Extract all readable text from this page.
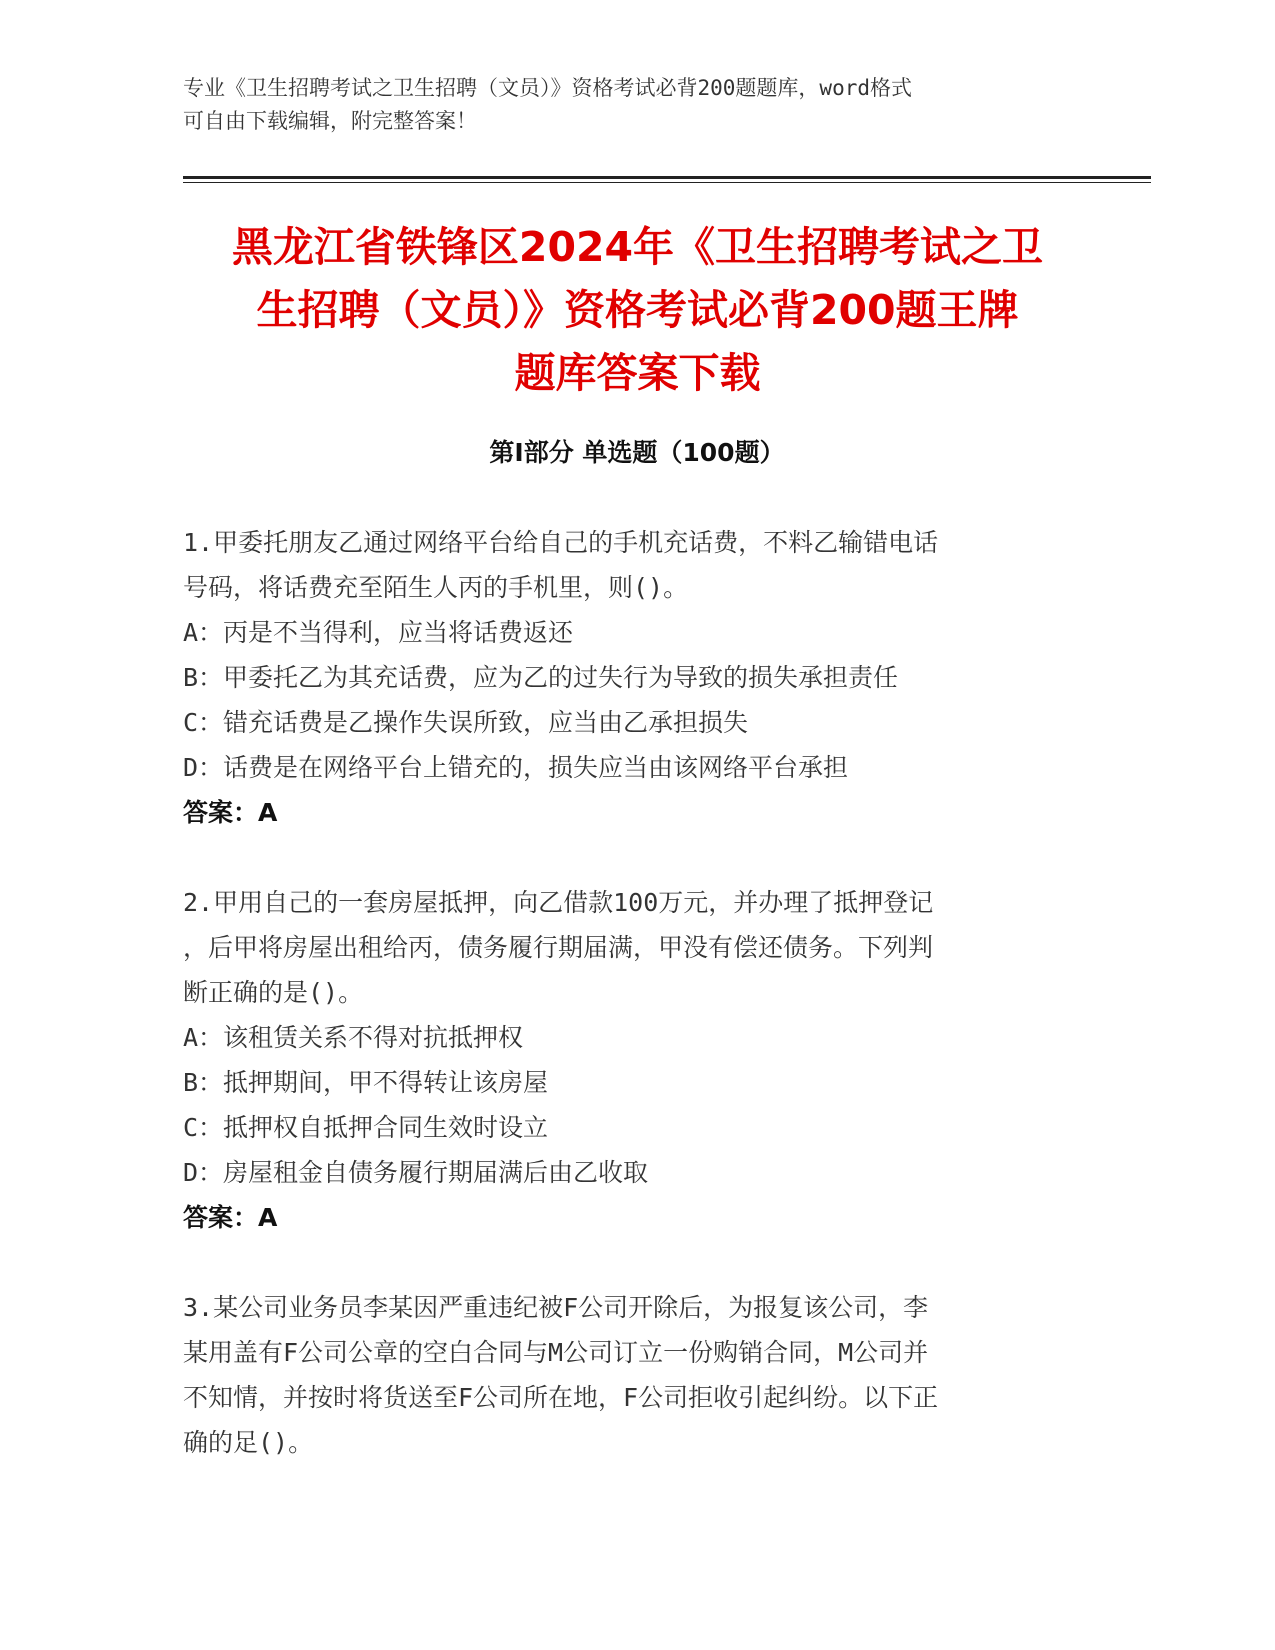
专业《卫生招聘考试之卫生招聘（文员）》资格考试必背200题题库，word格式
可自由下载编辑，附完整答案！
黑龙江省铁锋区2024年《卫生招聘考试之卫
生招聘（文员）》资格考试必背200题王牌
题库答案下载
第Ⅰ部分 单选题（100题）

1.甲委托朋友乙通过网络平台给自己的手机充话费，不料乙输错电话

号码，将话费充至陌生人丙的手机里，则()。

A：丙是不当得利，应当将话费返还

B：甲委托乙为其充话费，应为乙的过失行为导致的损失承担责任

C：错充话费是乙操作失误所致，应当由乙承担损失

D：话费是在网络平台上错充的，损失应当由该网络平台承担

答案：A

2.甲用自己的一套房屋抵押，向乙借款100万元，并办理了抵押登记

，后甲将房屋出租给丙，债务履行期届满，甲没有偿还债务。下列判

断正确的是()。

A：该租赁关系不得对抗抵押权

B：抵押期间，甲不得转让该房屋

C：抵押权自抵押合同生效时设立

D：房屋租金自债务履行期届满后由乙收取

答案：A

3.某公司业务员李某因严重违纪被F公司开除后，为报复该公司，李

某用盖有F公司公章的空白合同与M公司订立一份购销合同，M公司并

不知情，并按时将货送至F公司所在地，F公司拒收引起纠纷。以下正

确的足()。
